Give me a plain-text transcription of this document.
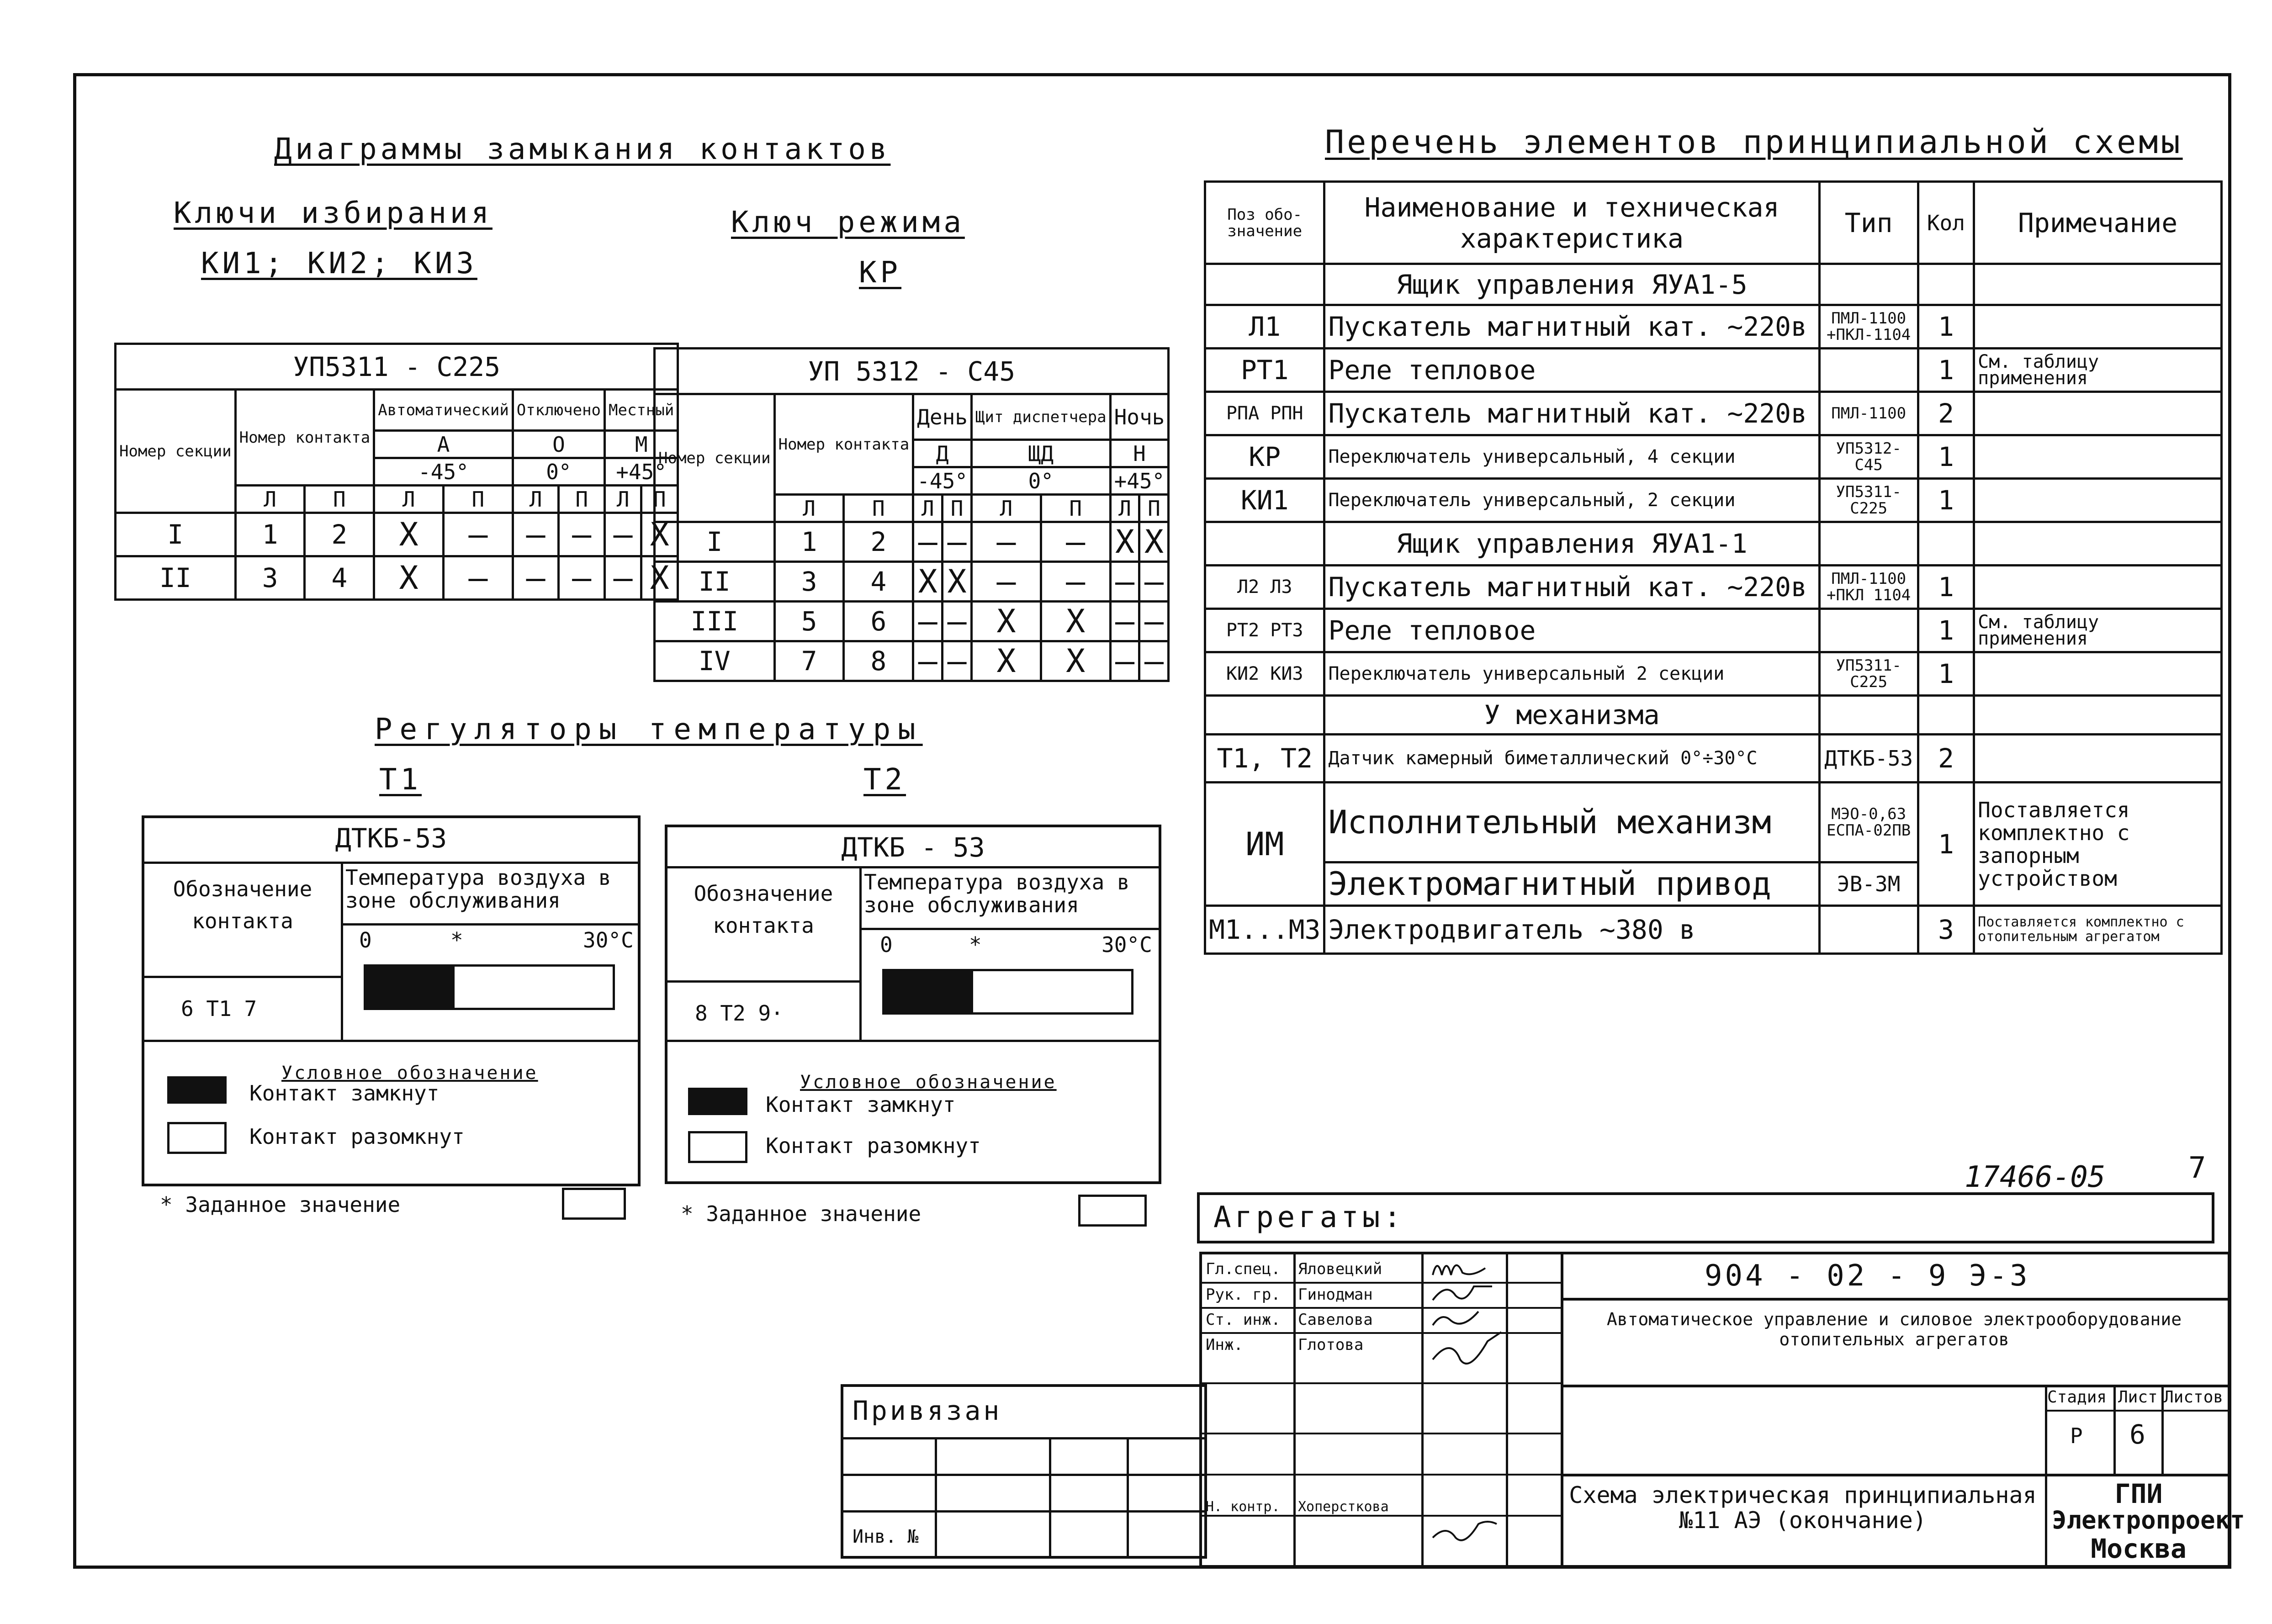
Диаграммы замыкания контактов
Ключи избирания
КИ1; КИ2; КИ3
Ключ режима
КР
УП5311 - С225								
Номер секции	Номер контакта		Автоматический		Отключено		Местный	
			А		О		М	
			-45°		0°		+45°	
	Л	П	Л	П	Л	П	Л	П
I	1	2	X	—	—	—	—	X
II	3	4	X	—	—	—	—	X
УП 5312 - С45								
Номер секции	Номер контакта		День		Щит диспетчера		Ночь	
			Д		ЩД		Н	
			-45°		0°		+45°	
	Л	П	Л	П	Л	П	Л	П
I	1	2	—	—	—	—	X	X
II	3	4	X	X	—	—	—	—
III	5	6	—	—	X	X	—	—
IV	7	8	—	—	X	X	—	—
Регуляторы температуры
Т1	Т2
ДТКБ-53
Обозначение контакта
Температура воздуха в зоне обслуживания
0	*	30°С
6 Т1 7
Условное обозначение
Контакт замкнут
Контакт разомкнут
* Заданное значение
ДТКБ - 53
Обозначение контакта
Температура воздуха в зоне обслуживания
0	*	30°С
8 Т2 9·
Условное обозначение
Контакт замкнут
Контакт разомкнут
* Заданное значение
Перечень элементов принципиальной схемы
Поз обо-значение	Наименование и техническая характеристика	Тип	Кол	Примечание
	Ящик управления ЯУА1-5			
Л1	Пускатель магнитный кат. ~220в	ПМЛ-1100 +ПКЛ-1104	1	
РТ1	Реле тепловое		1	См. таблицу применения
РПА РПН	Пускатель магнитный кат. ~220в	ПМЛ-1100	2	
КР	Переключатель универсальный, 4 секции	УП5312-С45	1	
КИ1	Переключатель универсальный, 2 секции	УП5311-С225	1	
	Ящик управления ЯУА1-1			
Л2 Л3	Пускатель магнитный кат. ~220в	ПМЛ-1100 +ПКЛ 1104	1	
РТ2 РТ3	Реле тепловое		1	См. таблицу применения
КИ2 КИ3	Переключатель универсальный 2 секции	УП5311-С225	1	
	У механизма			
Т1, Т2	Датчик камерный биметаллический 0°÷30°С	ДТКБ-53	2	
ИМ	Исполнительный механизм	МЭО-0,63 ЕСПА-02ПВ	1	Поставляется комплектно с запорным устройством
	Электромагнитный привод	ЭВ-3М		
М1...М3	Электродвигатель ~380 в		3	Поставляется комплектно с отопительным агрегатом
17466-05	7
Агрегаты:
Привязан
Инв. №
Гл.спец. Яловецкий
Рук. гр. Гинодман
Ст. инж. Савелова
Инж.	Глотова
Н. контр. Хоперсткова
904 - 02 - 9 Э-3
Автоматическое управление и силовое электрооборудование отопительных агрегатов
Стадия Лист Листов
Р 6
Схема электрическая принципиальная №11 АЭ (окончание)
ГПИ
Электропроект
Москва
